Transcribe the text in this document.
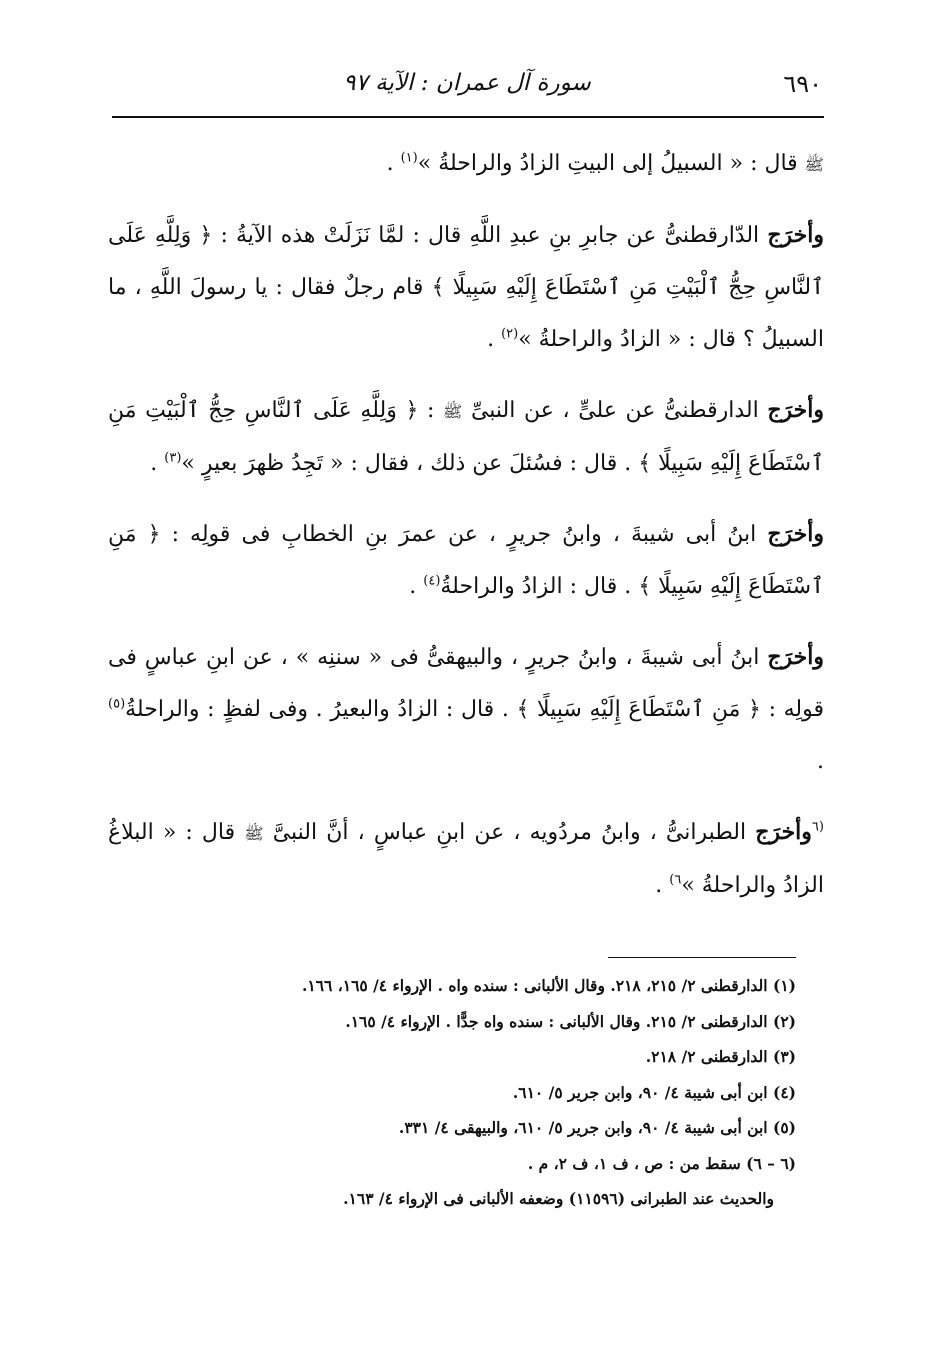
٦٩٠
سورة آل عمران : الآية ٩٧

ﷺ قال : « السبيلُ إلى البيتِ الزادُ والراحلةُ »$^{(١)}$ .

وأخرَج الدّارقطنىُّ عن جابرِ بنِ عبدِ اللَّهِ قال : لمَّا نَزَلَتْ هذه الآيةُ : ﴿ وَلِلَّهِ عَلَى ٱلنَّاسِ حِجُّ ٱلْبَيْتِ مَنِ ٱسْتَطَاعَ إِلَيْهِ سَبِيلًا ﴾ قام رجلٌ فقال : يا رسولَ اللَّهِ ، ما السبيلُ ؟ قال : « الزادُ والراحلةُ »$^{(٢)}$ .

وأخرَج الدارقطنىُّ عن علىٍّ ، عن النبىِّ ﷺ : ﴿ وَلِلَّهِ عَلَى ٱلنَّاسِ حِجُّ ٱلْبَيْتِ مَنِ ٱسْتَطَاعَ إِلَيْهِ سَبِيلًا ﴾ . قال : فسُئلَ عن ذلك ، فقال : « تَجِدُ ظهرَ بعيرٍ »$^{(٣)}$ .

وأخرَج ابنُ أبى شيبةَ ، وابنُ جريرٍ ، عن عمرَ بنِ الخطابِ فى قولِه : ﴿ مَنِ ٱسْتَطَاعَ إِلَيْهِ سَبِيلًا ﴾ . قال : الزادُ والراحلةُ$^{(٤)}$ .

وأخرَج ابنُ أبى شيبةَ ، وابنُ جريرٍ ، والبيهقىُّ فى « سننِه » ، عن ابنِ عباسٍ فى قولِه : ﴿ مَنِ ٱسْتَطَاعَ إِلَيْهِ سَبِيلًا ﴾ . قال : الزادُ والبعيرُ . وفى لفظٍ : والراحلةُ$^{(٥)}$ .

$^{(٦}$وأخرَج الطبرانىُّ ، وابنُ مردُويه ، عن ابنِ عباسٍ ، أنَّ النبىَّ ﷺ قال : « البلاغُ الزادُ والراحلةُ »$^{٦)}$ .

(١) الدارقطنى ٢/ ٢١٥، ٢١٨. وقال الألبانى : سنده واه . الإرواء ٤/ ١٦٥، ١٦٦.

(٢) الدارقطنى ٢/ ٢١٥. وقال الألبانى : سنده واه جدًّا . الإرواء ٤/ ١٦٥.

(٣) الدارقطنى ٢/ ٢١٨.

(٤) ابن أبى شيبة ٤/ ٩٠، وابن جرير ٥/ ٦١٠.

(٥) ابن أبى شيبة ٤/ ٩٠، وابن جرير ٥/ ٦١٠، والبيهقى ٤/ ٣٣١.

(٦ – ٦) سقط من : ص ، ف ١، ف ٢، م .

والحديث عند الطبرانى (١١٥٩٦) وضعفه الألبانى فى الإرواء ٤/ ١٦٣.
